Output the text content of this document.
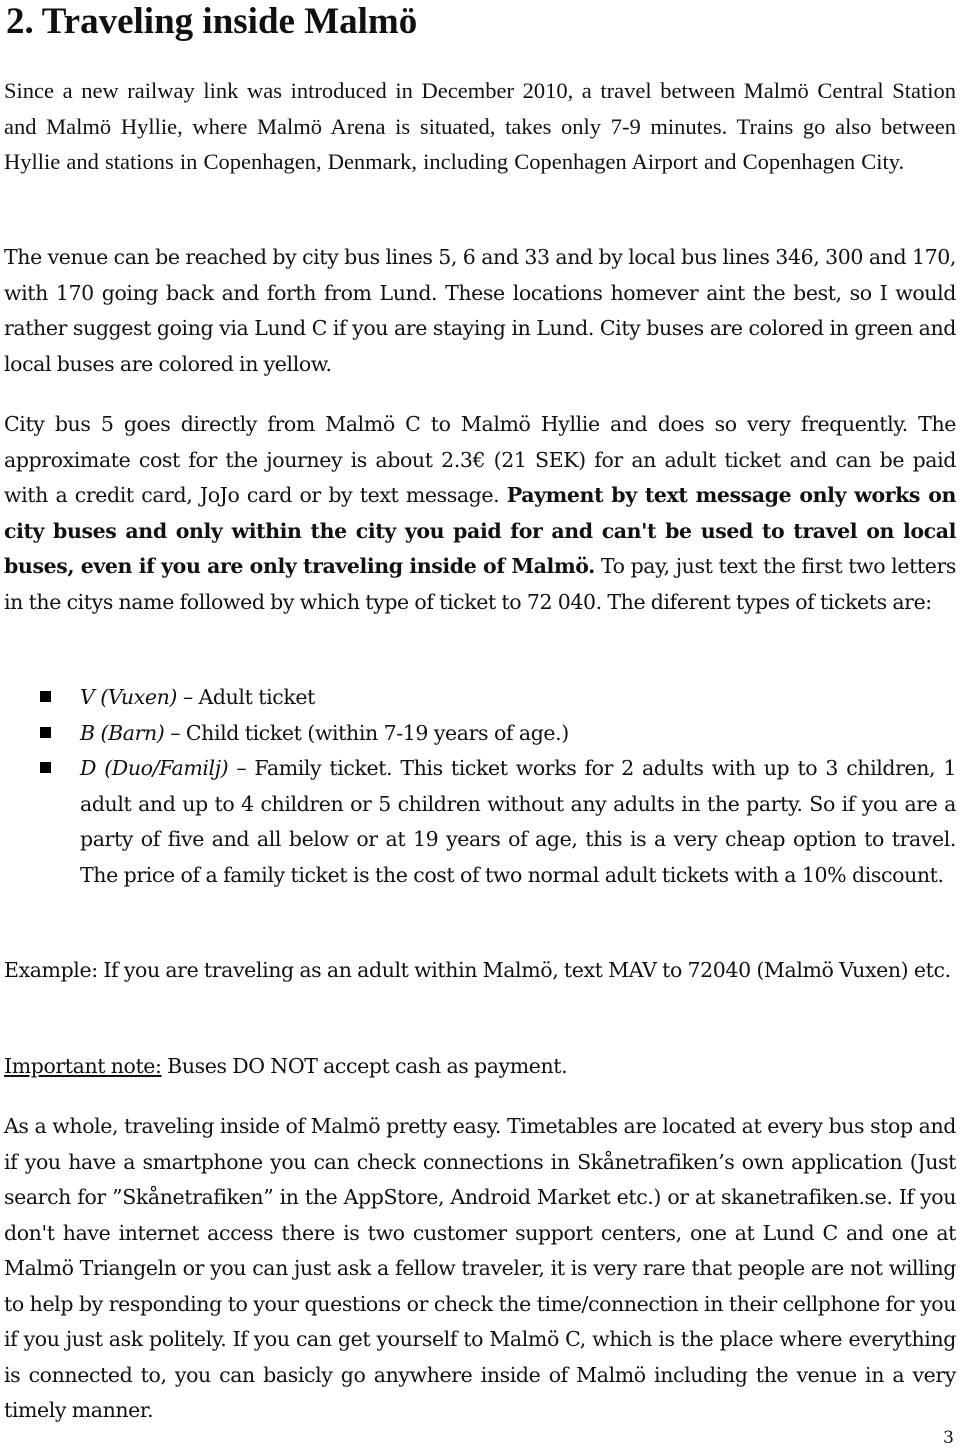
2. Traveling inside Malmö

Since a new railway link was introduced in December 2010, a travel between Malmö Central Station and Malmö Hyllie, where Malmö Arena is situated, takes only 7-9 minutes. Trains go also between Hyllie and stations in Copenhagen, Denmark, including Copenhagen Airport and Copenhagen City.

The venue can be reached by city bus lines 5, 6 and 33 and by local bus lines 346, 300 and 170, with 170 going back and forth from Lund. These locations homever aint the best, so I would rather suggest going via Lund C if you are staying in Lund. City buses are colored in green and local buses are colored in yellow.

City bus 5 goes directly from Malmö C to Malmö Hyllie and does so very frequently. The approximate cost for the journey is about 2.3€ (21 SEK) for an adult ticket and can be paid with a credit card, JoJo card or by text message. Payment by text message only works on city buses and only within the city you paid for and can't be used to travel on local buses, even if you are only traveling inside of Malmö. To pay, just text the first two letters in the citys name followed by which type of ticket to 72 040. The diferent types of tickets are:

V (Vuxen) – Adult ticket
B (Barn) – Child ticket (within 7-19 years of age.)
D (Duo/Familj) – Family ticket. This ticket works for 2 adults with up to 3 children, 1 adult and up to 4 children or 5 children without any adults in the party. So if you are a party of five and all below or at 19 years of age, this is a very cheap option to travel. The price of a family ticket is the cost of two normal adult tickets with a 10% discount.

Example: If you are traveling as an adult within Malmö, text MAV to 72040 (Malmö Vuxen) etc.

Important note: Buses DO NOT accept cash as payment.

As a whole, traveling inside of Malmö pretty easy. Timetables are located at every bus stop and if you have a smartphone you can check connections in Skånetrafiken’s own application (Just search for ”Skånetrafiken” in the AppStore, Android Market etc.) or at skanetrafiken.se. If you don't have internet access there is two customer support centers, one at Lund C and one at Malmö Triangeln or you can just ask a fellow traveler, it is very rare that people are not willing to help by responding to your questions or check the time/connection in their cellphone for you if you just ask politely. If you can get yourself to Malmö C, which is the place where everything is connected to, you can basicly go anywhere inside of Malmö including the venue in a very timely manner.

3
